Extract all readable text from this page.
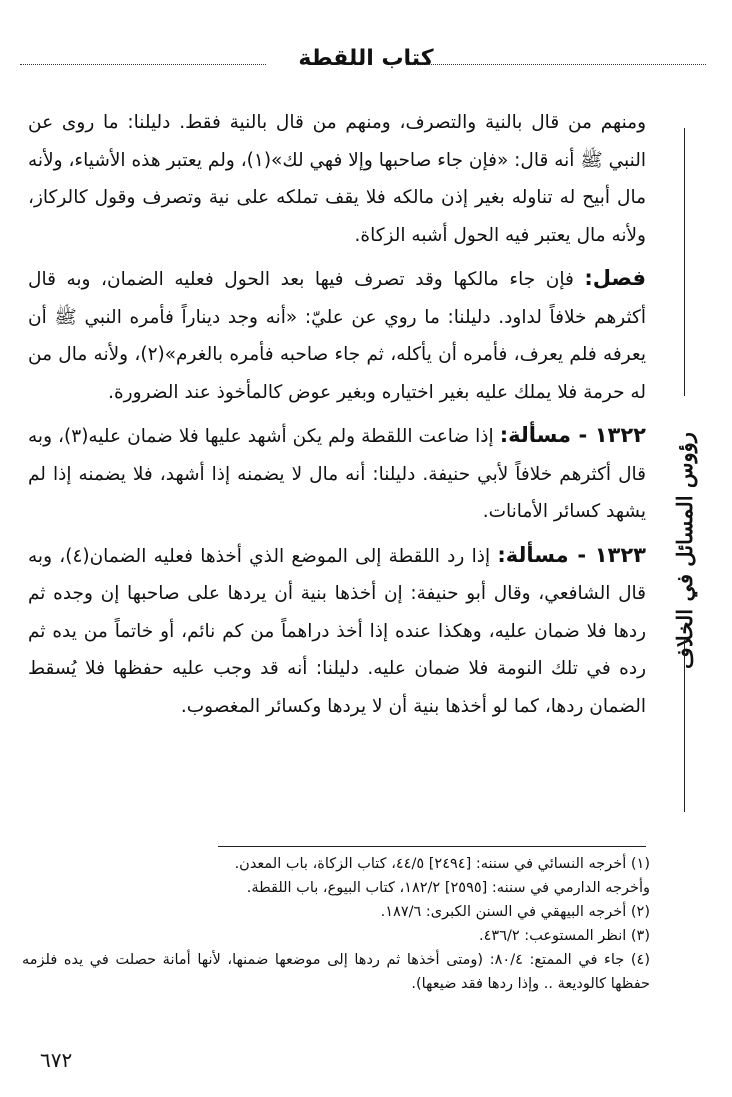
كتاب اللقطة
رؤوس المسائل في الخلاف

ومنهم من قال بالنية والتصرف، ومنهم من قال بالنية فقط. دليلنا: ما روى عن النبي ﷺ أنه قال: «فإن جاء صاحبها وإلا فهي لك»(١)، ولم يعتبر هذه الأشياء، ولأنه مال أبيح له تناوله بغير إذن مالكه فلا يقف تملكه على نية وتصرف وقول كالركاز، ولأنه مال يعتبر فيه الحول أشبه الزكاة.

فصل: فإن جاء مالكها وقد تصرف فيها بعد الحول فعليه الضمان، وبه قال أكثرهم خلافاً لداود. دليلنا: ما روي عن عليّ: «أنه وجد ديناراً فأمره النبي ﷺ أن يعرفه فلم يعرف، فأمره أن يأكله، ثم جاء صاحبه فأمره بالغرم»(٢)، ولأنه مال من له حرمة فلا يملك عليه بغير اختياره وبغير عوض كالمأخوذ عند الضرورة.

١٣٢٢ - مسألة: إذا ضاعت اللقطة ولم يكن أشهد عليها فلا ضمان عليه(٣)، وبه قال أكثرهم خلافاً لأبي حنيفة. دليلنا: أنه مال لا يضمنه إذا أشهد، فلا يضمنه إذا لم يشهد كسائر الأمانات.

١٣٢٣ - مسألة: إذا رد اللقطة إلى الموضع الذي أخذها فعليه الضمان(٤)، وبه قال الشافعي، وقال أبو حنيفة: إن أخذها بنية أن يردها على صاحبها إن وجده ثم ردها فلا ضمان عليه، وهكذا عنده إذا أخذ دراهماً من كم نائم، أو خاتماً من يده ثم رده في تلك النومة فلا ضمان عليه. دليلنا: أنه قد وجب عليه حفظها فلا يُسقط الضمان ردها، كما لو أخذها بنية أن لا يردها وكسائر المغصوب.

(١) أخرجه النسائي في سننه: [٢٤٩٤] ٤٤/٥، كتاب الزكاة، باب المعدن.

وأخرجه الدارمي في سننه: [٢٥٩٥] ١٨٢/٢، كتاب البيوع، باب اللقطة.

(٢) أخرجه البيهقي في السنن الكبرى: ١٨٧/٦.

(٣) انظر المستوعب: ٤٣٦/٢.

(٤) جاء في الممتع: ٨٠/٤: (ومتى أخذها ثم ردها إلى موضعها ضمنها، لأنها أمانة حصلت في يده فلزمه حفظها كالوديعة .. وإذا ردها فقد ضيعها).

٦٧٢
